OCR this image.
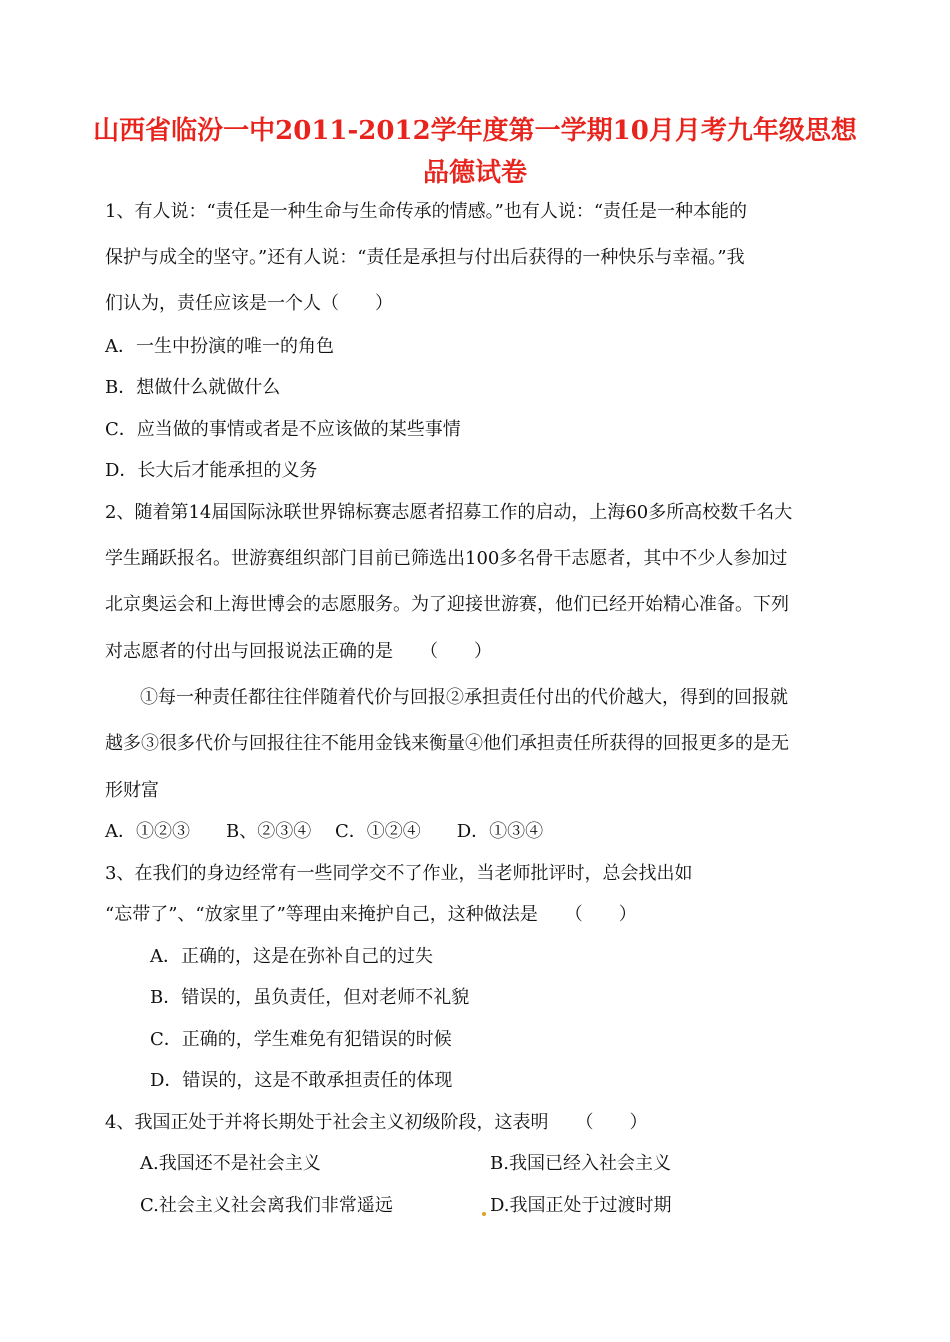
山西省临汾一中2011-2012学年度第一学期10月月考九年级思想
品德试卷
1、有人说：“责任是一种生命与生命传承的情感。”也有人说：“责任是一种本能的
保护与成全的坚守。”还有人说：“责任是承担与付出后获得的一种快乐与幸福。”我
们认为，责任应该是一个人（　　）
A．一生中扮演的唯一的角色
B．想做什么就做什么
C．应当做的事情或者是不应该做的某些事情
D．长大后才能承担的义务
2、随着第14届国际泳联世界锦标赛志愿者招募工作的启动，上海60多所高校数千名大
学生踊跃报名。世游赛组织部门目前已筛选出100多名骨干志愿者，其中不少人参加过
北京奥运会和上海世博会的志愿服务。为了迎接世游赛，他们已经开始精心准备。下列
对志愿者的付出与回报说法正确的是　　（　　）
①每一种责任都往往伴随着代价与回报②承担责任付出的代价越大，得到的回报就
越多③很多代价与回报往往不能用金钱来衡量④他们承担责任所获得的回报更多的是无
形财富
A．①②③　　B、②③④　 C．①②④　　D．①③④
3、在我们的身边经常有一些同学交不了作业，当老师批评时，总会找出如
“忘带了”、“放家里了”等理由来掩护自己，这种做法是　　（　　）
A．正确的，这是在弥补自己的过失
B．错误的，虽负责任，但对老师不礼貌
C．正确的，学生难免有犯错误的时候
D．错误的，这是不敢承担责任的体现
4、我国正处于并将长期处于社会主义初级阶段，这表明　　（　　）
A.我国还不是社会主义	B.我国已经入社会主义
C.社会主义社会离我们非常遥远	D.我国正处于过渡时期
